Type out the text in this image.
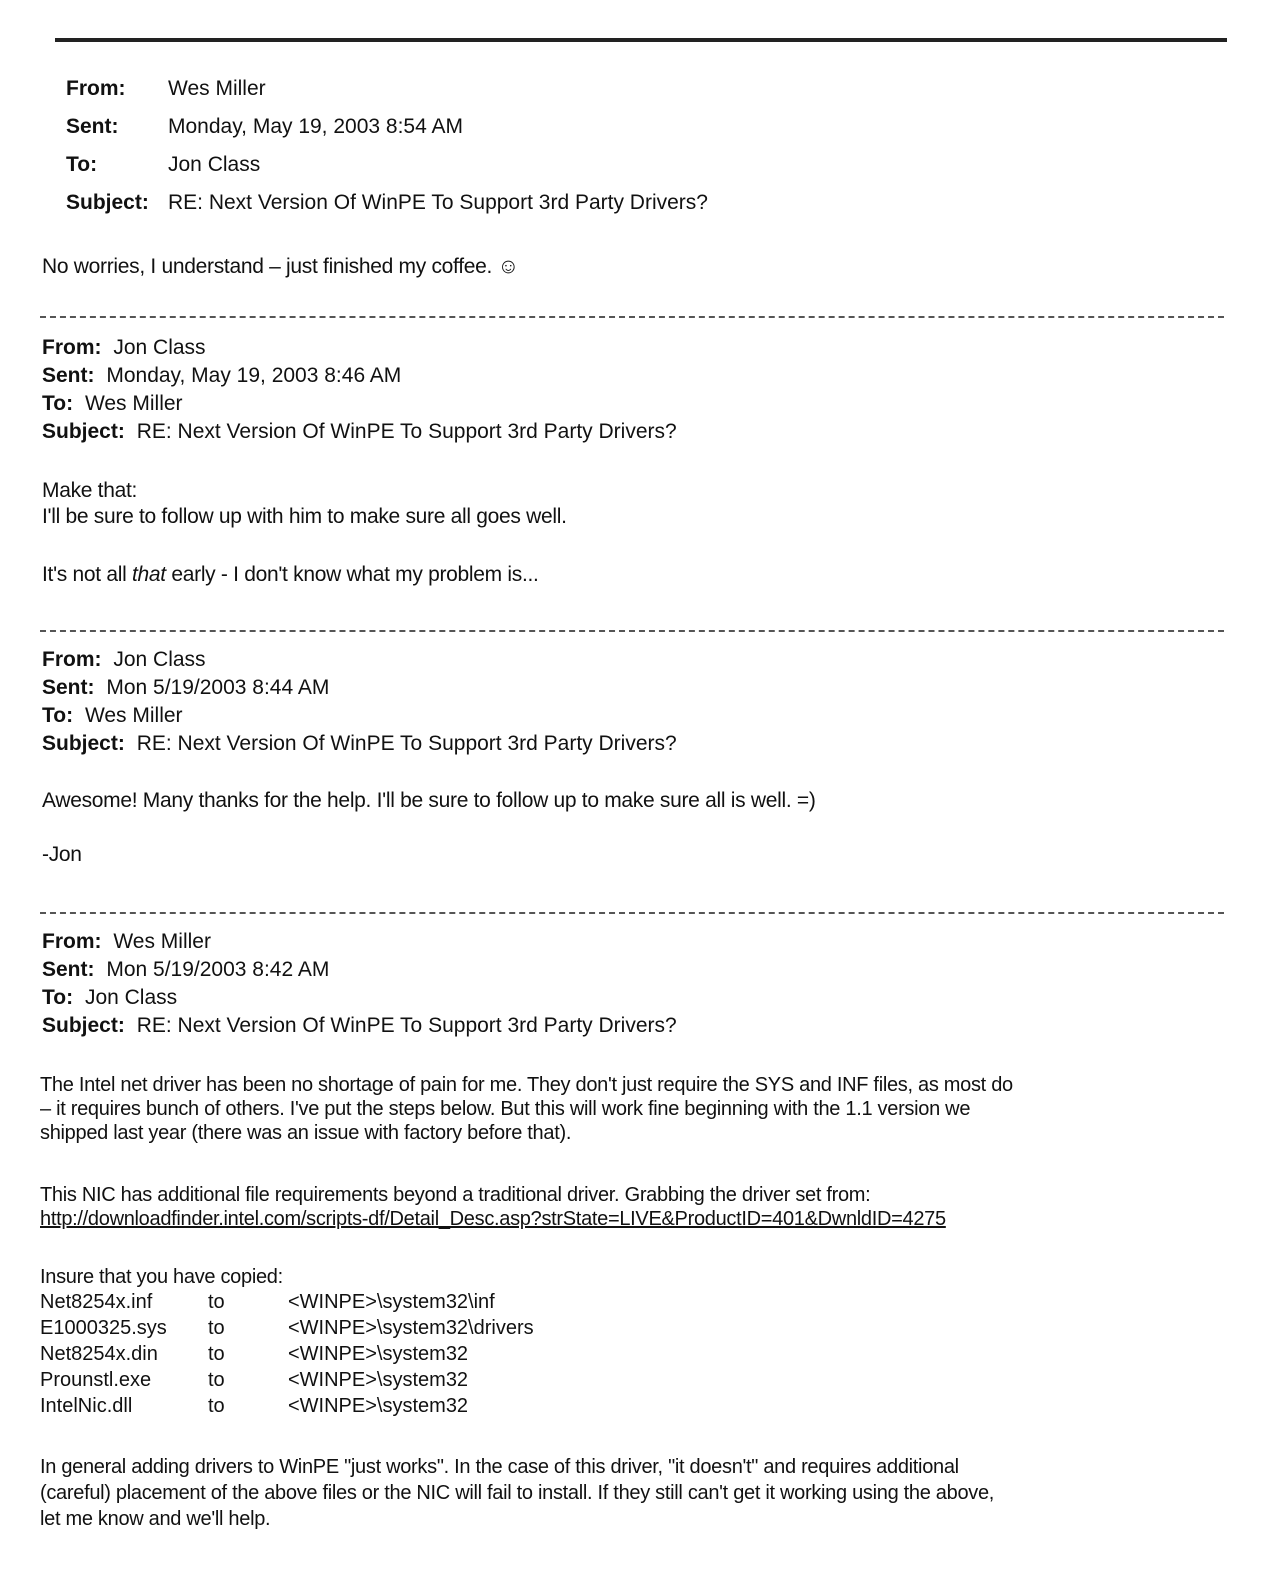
From: Wes Miller
Sent: Monday, May 19, 2003 8:54 AM
To:	Jon Class
Subject: RE: Next Version Of WinPE To Support 3rd Party Drivers?
No worries, I understand – just finished my coffee. ☺
From: Jon Class
Sent: Monday, May 19, 2003 8:46 AM
To: Wes Miller
Subject: RE: Next Version Of WinPE To Support 3rd Party Drivers?
Make that:
I'll be sure to follow up with him to make sure all goes well.
It's not all that early - I don't know what my problem is...
From: Jon Class
Sent: Mon 5/19/2003 8:44 AM
To: Wes Miller
Subject: RE: Next Version Of WinPE To Support 3rd Party Drivers?
Awesome! Many thanks for the help. I'll be sure to follow up to make sure all is well. =)
-Jon
From: Wes Miller
Sent: Mon 5/19/2003 8:42 AM
To: Jon Class
Subject: RE: Next Version Of WinPE To Support 3rd Party Drivers?
The Intel net driver has been no shortage of pain for me. They don't just require the SYS and INF files, as most do
– it requires bunch of others. I've put the steps below. But this will work fine beginning with the 1.1 version we
shipped last year (there was an issue with factory before that).
This NIC has additional file requirements beyond a traditional driver. Grabbing the driver set from:
http://downloadfinder.intel.com/scripts-df/Detail_Desc.asp?strState=LIVE&ProductID=401&DwnldID=4275
Insure that you have copied:
Net8254x.inf	to	<WINPE>\system32\inf
E1000325.sys to	<WINPE>\system32\drivers
Net8254x.din	to	<WINPE>\system32
Prounstl.exe	to	<WINPE>\system32
IntelNic.dll	to	<WINPE>\system32
In general adding drivers to WinPE "just works". In the case of this driver, "it doesn't" and requires additional
(careful) placement of the above files or the NIC will fail to install. If they still can't get it working using the above,
let me know and we'll help.
